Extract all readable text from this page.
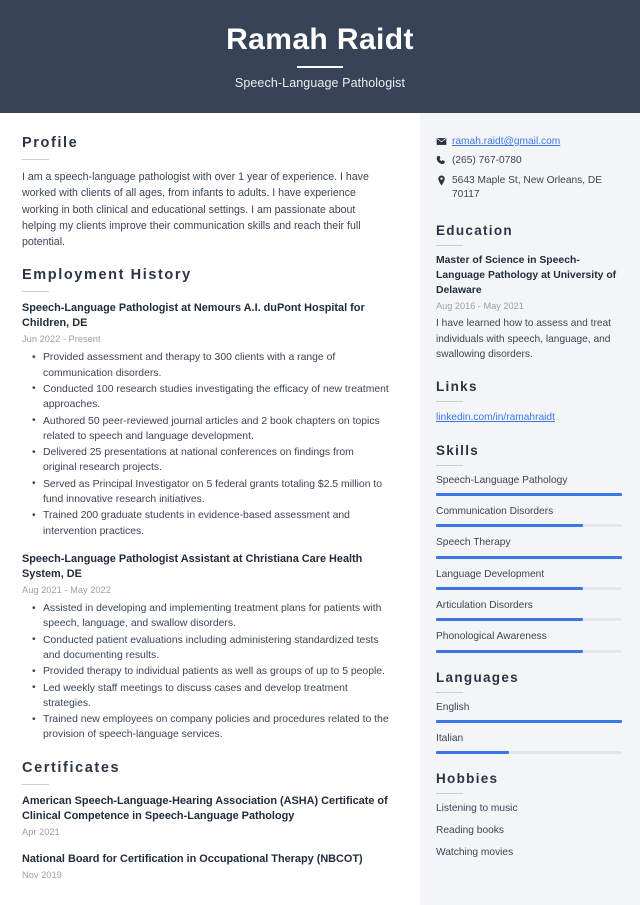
Ramah Raidt
Speech-Language Pathologist
Profile
I am a speech-language pathologist with over 1 year of experience. I have worked with clients of all ages, from infants to adults. I have experience working in both clinical and educational settings. I am passionate about helping my clients improve their communication skills and reach their full potential.
Employment History
Speech-Language Pathologist at Nemours A.I. duPont Hospital for Children, DE
Jun 2022 - Present
• Provided assessment and therapy to 300 clients with a range of communication disorders.
• Conducted 100 research studies investigating the efficacy of new treatment approaches.
• Authored 50 peer-reviewed journal articles and 2 book chapters on topics related to speech and language development.
• Delivered 25 presentations at national conferences on findings from original research projects.
• Served as Principal Investigator on 5 federal grants totaling $2.5 million to fund innovative research initiatives.
• Trained 200 graduate students in evidence-based assessment and intervention practices.
Speech-Language Pathologist Assistant at Christiana Care Health System, DE
Aug 2021 - May 2022
• Assisted in developing and implementing treatment plans for patients with speech, language, and swallow disorders.
• Conducted patient evaluations including administering standardized tests and documenting results.
• Provided therapy to individual patients as well as groups of up to 5 people.
• Led weekly staff meetings to discuss cases and develop treatment strategies.
• Trained new employees on company policies and procedures related to the provision of speech-language services.
Certificates
American Speech-Language-Hearing Association (ASHA) Certificate of Clinical Competence in Speech-Language Pathology
Apr 2021
National Board for Certification in Occupational Therapy (NBCOT)
Nov 2019
ramah.raidt@gmail.com
(265) 767-0780
5643 Maple St, New Orleans, DE 70117
Education
Master of Science in Speech-Language Pathology at University of Delaware
Aug 2016 - May 2021
I have learned how to assess and treat individuals with speech, language, and swallowing disorders.
Links
linkedin.com/in/ramahraidt
Skills
Speech-Language Pathology
Communication Disorders
Speech Therapy
Language Development
Articulation Disorders
Phonological Awareness
Languages
English
Italian
Hobbies
Listening to music
Reading books
Watching movies
